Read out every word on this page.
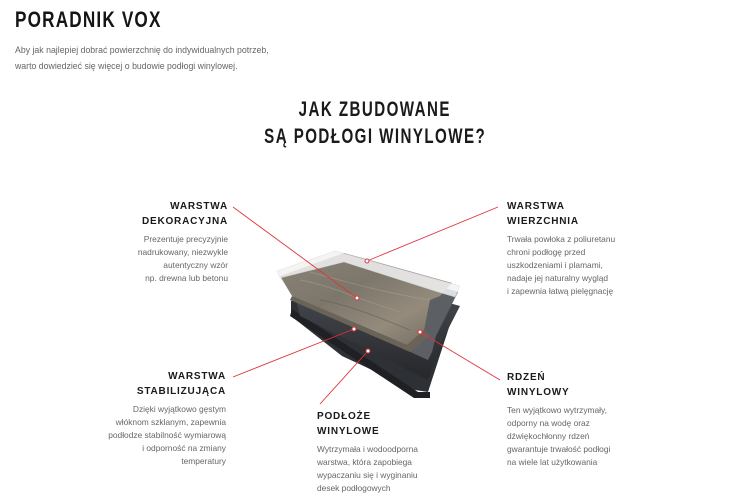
PORADNIK VOX
Aby jak najlepiej dobrać powierzchnię do indywidualnych potrzeb,
warto dowiedzieć się więcej o budowie podłogi winylowej.
JAK ZBUDOWANE
SĄ PODŁOGI WINYLOWE?
WARSTWA
DEKORACYJNA
Prezentuje precyzyjnie
nadrukowany, niezwykle
autentyczny wzór
np. drewna lub betonu
WARSTWA
WIERZCHNIA
Trwała powłoka z poliuretanu
chroni podłogę przed
uszkodzeniami i plamami,
nadaje jej naturalny wygląd
i zapewnia łatwą pielęgnację
WARSTWA
STABILIZUJĄCA
Dzięki wyjątkowo gęstym
włóknom szklanym, zapewnia
podłodze stabilność wymiarową
i odporność na zmiany
temperatury
PODŁOŻE
WINYLOWE
Wytrzymała i wodoodporna
warstwa, która zapobiega
wypaczaniu się i wyginaniu
desek podłogowych
RDZEŃ
WINYLOWY
Ten wyjątkowo wytrzymały,
odporny na wodę oraz
dźwiękochłonny rdzeń
gwarantuje trwałość podłogi
na wiele lat użytkowania
